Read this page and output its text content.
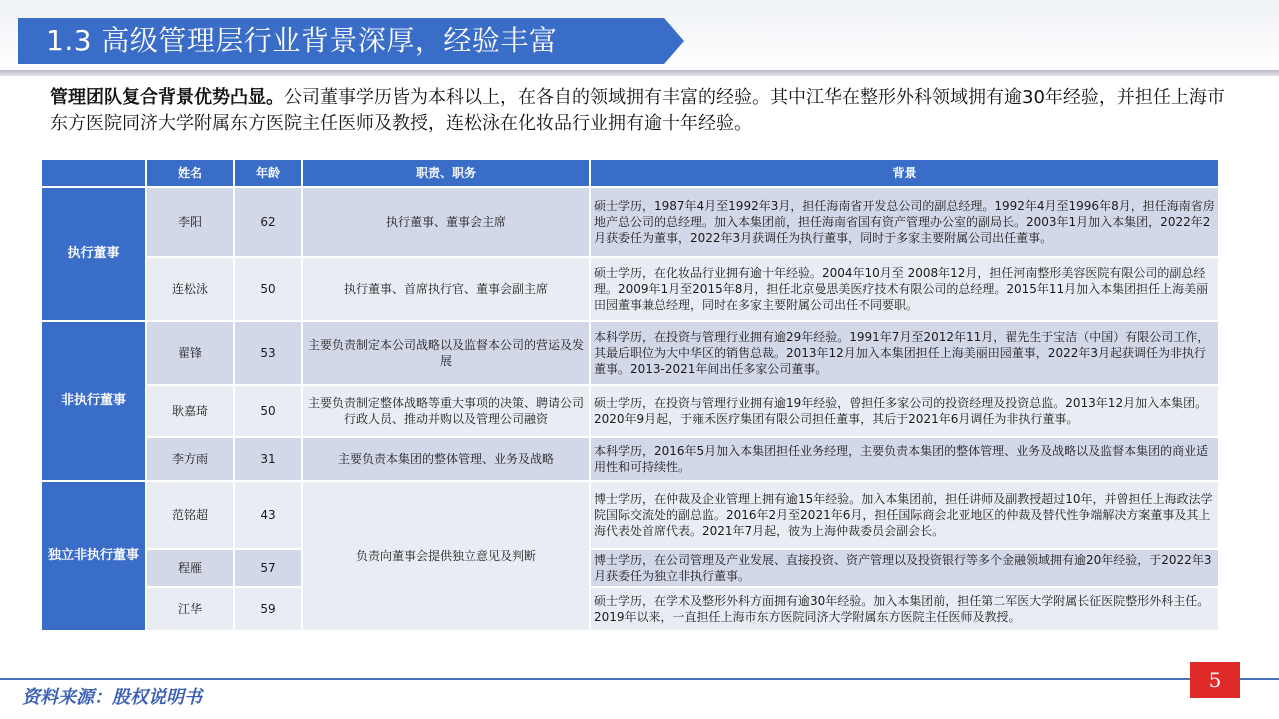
1.3 高级管理层行业背景深厚，经验丰富

管理团队复合背景优势凸显。公司董事学历皆为本科以上，在各自的领域拥有丰富的经验。其中江华在整形外科领域拥有逾30年经验，并担任上海市东方医院同济大学附属东方医院主任医师及教授，连松泳在化妆品行业拥有逾十年经验。

	姓名	年龄	职责、职务	背景
执行董事	李阳	62	执行董事、董事会主席	硕士学历，1987年4月至1992年3月，担任海南省开发总公司的副总经理。1992年4月至1996年8月，担任海南省房地产总公司的总经理。加入本集团前，担任海南省国有资产管理办公室的副局长。2003年1月加入本集团，2022年2月获委任为董事，2022年3月获调任为执行董事，同时于多家主要附属公司出任董事。
	连松泳	50	执行董事、首席执行官、董事会副主席	硕士学历，在化妆品行业拥有逾十年经验。2004年10月至 2008年12月，担任河南整形美容医院有限公司的副总经理。2009年1月至2015年8月，担任北京曼思美医疗技术有限公司的总经理。2015年11月加入本集团担任上海美丽田园董事兼总经理，同时在多家主要附属公司出任不同要职。
非执行董事	翟锋	53	主要负责制定本公司战略以及监督本公司的营运及发展	本科学历，在投资与管理行业拥有逾29年经验。1991年7月至2012年11月，翟先生于宝洁（中国）有限公司工作，其最后职位为大中华区的销售总裁。2013年12月加入本集团担任上海美丽田园董事，2022年3月起获调任为非执行董事。2013-2021年间出任多家公司董事。
	耿嘉琦	50	主要负责制定整体战略等重大事项的决策、聘请公司行政人员、推动并购以及管理公司融资	硕士学历，在投资与管理行业拥有逾19年经验，曾担任多家公司的投资经理及投资总监。2013年12月加入本集团。2020年9月起，于雍禾医疗集团有限公司担任董事，其后于2021年6月调任为非执行董事。
	李方雨	31	主要负责本集团的整体管理、业务及战略	本科学历，2016年5月加入本集团担任业务经理，主要负责本集团的整体管理、业务及战略以及监督本集团的商业适用性和可持续性。
独立非执行董事	范铭超	43	负责向董事会提供独立意见及判断	博士学历，在仲裁及企业管理上拥有逾15年经验。加入本集团前，担任讲师及副教授超过10年，并曾担任上海政法学院国际交流处的副总监。2016年2月至2021年6月，担任国际商会北亚地区的仲裁及替代性争端解决方案董事及其上海代表处首席代表。2021年7月起，彼为上海仲裁委员会副会长。
	程雁	57		博士学历，在公司管理及产业发展、直接投资、资产管理以及投资银行等多个金融领域拥有逾20年经验，于2022年3月获委任为独立非执行董事。
	江华	59		硕士学历，在学术及整形外科方面拥有逾30年经验。加入本集团前，担任第二军医大学附属长征医院整形外科主任。2019年以来，一直担任上海市东方医院同济大学附属东方医院主任医师及教授。
资料来源：股权说明书
5
